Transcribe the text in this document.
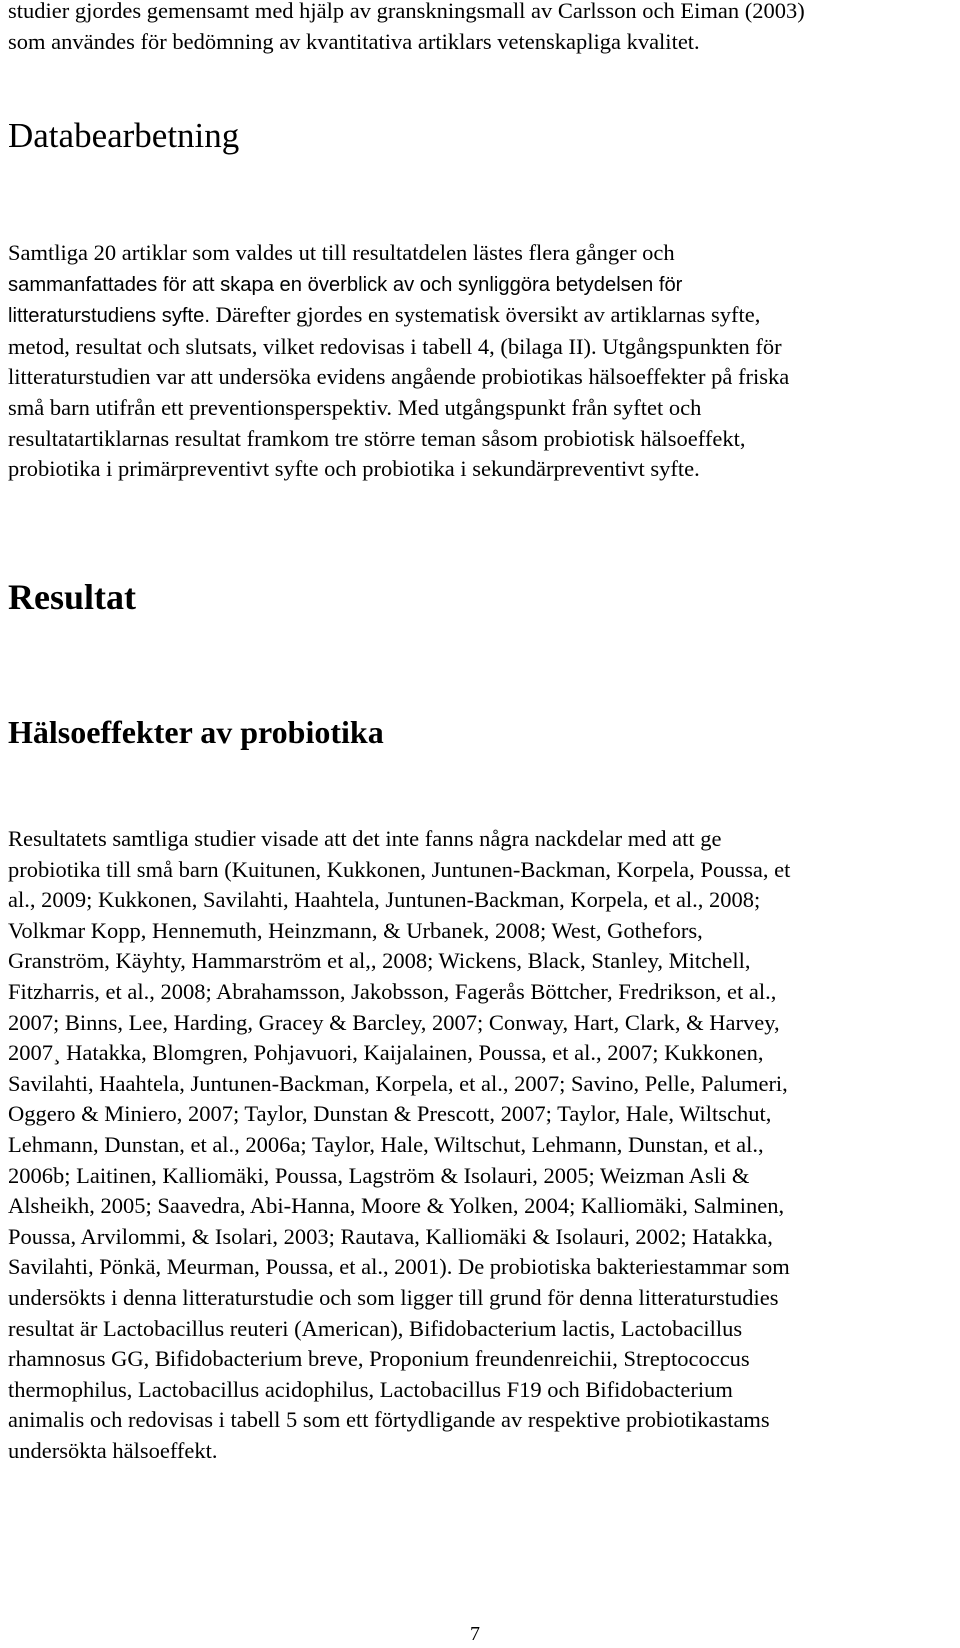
studier gjordes gemensamt med hjälp av granskningsmall av Carlsson och Eiman (2003)
som användes för bedömning av kvantitativa artiklars vetenskapliga kvalitet.
Databearbetning
Samtliga 20 artiklar som valdes ut till resultatdelen lästes flera gånger och
sammanfattades för att skapa en överblick av och synliggöra betydelsen för
litteraturstudiens syfte. Därefter gjordes en systematisk översikt av artiklarnas syfte,
metod, resultat och slutsats, vilket redovisas i tabell 4, (bilaga II). Utgångspunkten för
litteraturstudien var att undersöka evidens angående probiotikas hälsoeffekter på friska
små barn utifrån ett preventionsperspektiv. Med utgångspunkt från syftet och
resultatartiklarnas resultat framkom tre större teman såsom probiotisk hälsoeffekt,
probiotika i primärpreventivt syfte och probiotika i sekundärpreventivt syfte.
Resultat
Hälsoeffekter av probiotika
Resultatets samtliga studier visade att det inte fanns några nackdelar med att ge
probiotika till små barn (Kuitunen, Kukkonen, Juntunen-Backman, Korpela, Poussa, et
al., 2009; Kukkonen, Savilahti, Haahtela, Juntunen-Backman, Korpela, et al., 2008;
Volkmar Kopp, Hennemuth, Heinzmann, & Urbanek, 2008; West, Gothefors,
Granström, Käyhty, Hammarström et al,, 2008; Wickens, Black, Stanley, Mitchell,
Fitzharris, et al., 2008; Abrahamsson, Jakobsson, Fagerås Böttcher, Fredrikson, et al.,
2007; Binns, Lee, Harding, Gracey & Barcley, 2007; Conway, Hart, Clark, & Harvey,
2007¸ Hatakka, Blomgren, Pohjavuori, Kaijalainen, Poussa, et al., 2007; Kukkonen,
Savilahti, Haahtela, Juntunen-Backman, Korpela, et al., 2007; Savino, Pelle, Palumeri,
Oggero & Miniero, 2007; Taylor, Dunstan & Prescott, 2007; Taylor, Hale, Wiltschut,
Lehmann, Dunstan, et al., 2006a; Taylor, Hale, Wiltschut, Lehmann, Dunstan, et al.,
2006b; Laitinen, Kalliomäki, Poussa, Lagström & Isolauri, 2005; Weizman Asli &
Alsheikh, 2005; Saavedra, Abi-Hanna, Moore & Yolken, 2004; Kalliomäki, Salminen,
Poussa, Arvilommi, & Isolari, 2003; Rautava, Kalliomäki & Isolauri, 2002; Hatakka,
Savilahti, Pönkä, Meurman, Poussa, et al., 2001). De probiotiska bakteriestammar som
undersökts i denna litteraturstudie och som ligger till grund för denna litteraturstudies
resultat är Lactobacillus reuteri (American), Bifidobacterium lactis, Lactobacillus
rhamnosus GG, Bifidobacterium breve, Proponium freundenreichii, Streptococcus
thermophilus, Lactobacillus acidophilus, Lactobacillus F19 och Bifidobacterium
animalis och redovisas i tabell 5 som ett förtydligande av respektive probiotikastams
undersökta hälsoeffekt.
7
